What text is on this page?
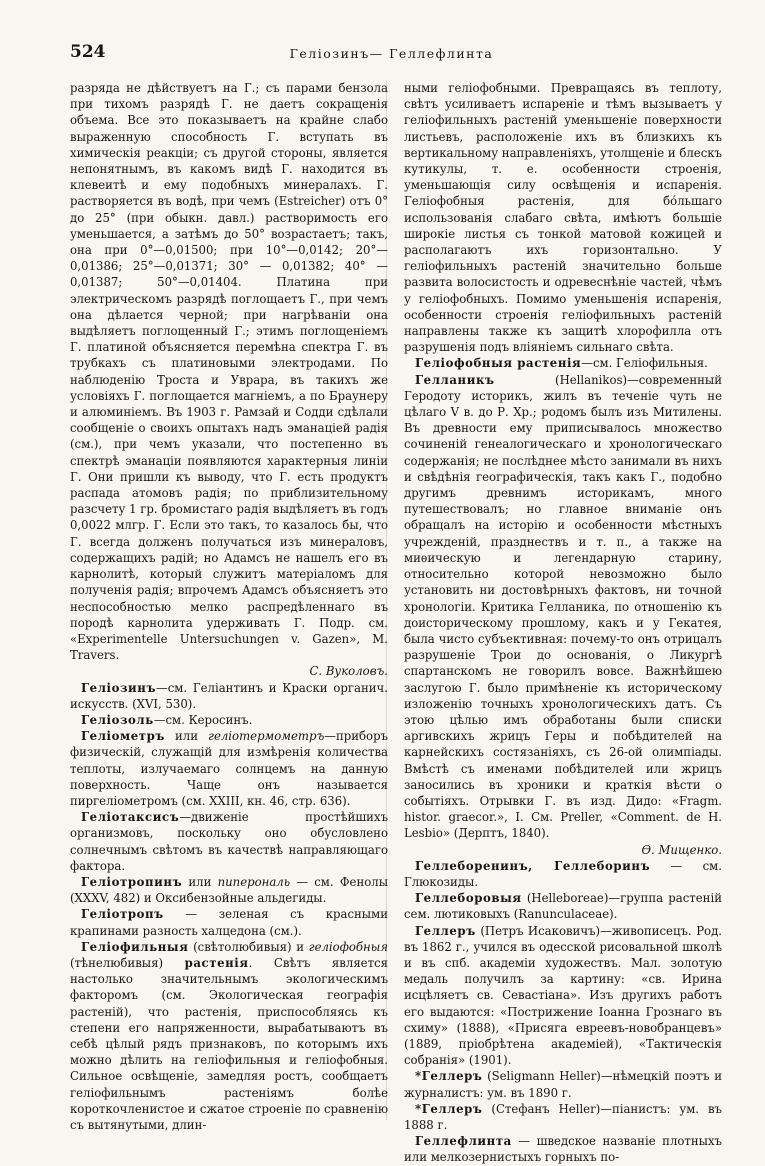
524	Гелiозинъ— Геллефлинта

разряда не дѣйствуетъ на Г.; съ парами бензола при тихомъ разрядѣ Г. не даетъ сокращенія объема. Все это показываетъ на крайне слабо выраженную способность Г. вступать въ химическія реакціи; съ другой стороны, является непонятнымъ, въ какомъ видѣ Г. находится въ клевеитѣ и ему подобныхъ минералахъ. Г. растворяется въ водѣ, при чемъ (Estreicher) отъ 0° до 25° (при обыкн. давл.) растворимость его уменьшается, а затѣмъ до 50° возрастаетъ; такъ, она при 0°—0,01500; при 10°—0,0142; 20°—0,01386; 25°—0,01371; 30° — 0,01382; 40° — 0,01387; 50°—0,01404. Платина при электрическомъ разрядѣ поглощаетъ Г., при чемъ она дѣлается черной; при нагрѣваніи она выдѣляетъ поглощенный Г.; этимъ поглощеніемъ Г. платиной объясняется перемѣна спектра Г. въ трубкахъ съ платиновыми электродами. По наблюденію Троста и Уврара, въ такихъ же условіяхъ Г. поглощается магніемъ, а по Браунеру и алюминіемъ. Въ 1903 г. Рамзай и Содди сдѣлали сообщеніе о своихъ опытахъ надъ эманаціей радія (см.), при чемъ указали, что постепенно въ спектрѣ эманаціи появляются характерныя линіи Г. Они пришли къ выводу, что Г. есть продуктъ распада атомовъ радія; по приблизительному разсчету 1 гр. бромистаго радія выдѣляетъ въ годъ 0,0022 млгр. Г. Если это такъ, то казалось бы, что Г. всегда долженъ получаться изъ минераловъ, содержащихъ радій; но Адамсъ не нашелъ его въ карнолитѣ, который служитъ матеріаломъ для полученія радія; впрочемъ Адамсъ объясняетъ это неспособностью мелко распредѣленнаго въ породѣ карнолита удерживать Г. Подр. см. «Experimentelle Untersuchungen v. Gazen», M. Travers.
С. Вуколовъ.

Гелiозинъ—см. Геліантинъ и Краски органич. искусств. (XVI, 530).

Гелiозоль—см. Керосинъ.

Гелiометръ или геліотермометръ—приборъ физическій, служащій для измѣренія количества теплоты, излучаемаго солнцемъ на данную поверхность. Чаще онъ называется пиргеліометромъ (см. XXIII, кн. 46, стр. 636).

Гелiотаксисъ—движеніе простѣйшихъ организмовъ, поскольку оно обусловлено солнечнымъ свѣтомъ въ качествѣ направляющаго фактора.

Гелiотропинъ или пиперональ — см. Фенолы (XXXV, 482) и Оксибензойные альдегиды.

Гелiотропъ — зеленая съ красными крапинами разность халцедона (см.).

Гелiофильныя (свѣтолюбивыя) и геліофобныя (тѣнелюбивыя) растенiя. Свѣтъ является настолько значительнымъ экологическимъ факторомъ (см. Экологическая географія растеній), что растенія, приспособляясь къ степени его напряженности, вырабатываютъ въ себѣ цѣлый рядъ признаковъ, по которымъ ихъ можно дѣлить на геліофильныя и геліофобныя. Сильное освѣщеніе, замедляя ростъ, сообщаетъ геліофильнымъ растеніямъ болѣе короткочленистое и сжатое строеніе по сравненію съ вытянутыми, длин-

ными геліофобными. Превращаясь въ теплоту, свѣтъ усиливаетъ испареніе и тѣмъ вызываетъ у геліофильныхъ растеній уменьшеніе поверхности листьевъ, расположеніе ихъ въ близкихъ къ вертикальному направленіяхъ, утолщеніе и блескъ кутикулы, т. е. особенности строенія, уменьшающія силу освѣщенія и испаренія. Геліофобныя растенія, для бо́льшаго использованія слабаго свѣта, имѣютъ большіе широкіе листья съ тонкой матовой кожицей и располагаютъ ихъ горизонтально. У геліофильныхъ растеній значительно больше развита волосистость и одревеснѣніе частей, чѣмъ у геліофобныхъ. Помимо уменьшенія испаренія, особенности строенія геліофильныхъ растеній направлены также къ защитѣ хлорофилла отъ разрушенія подъ вліяніемъ сильнаго свѣта.

Гелiофобныя растенiя—см. Геліофильныя.

Гелланикъ (Hellanikos)—современный Геродоту историкъ, жилъ въ теченіе чуть не цѣлаго V в. до Р. Хр.; родомъ былъ изъ Митилены. Въ древности ему приписывалось множество сочиненій генеалогическаго и хронологическаго содержанія; не послѣднее мѣсто занимали въ нихъ и свѣдѣнія географическія, такъ какъ Г., подобно другимъ древнимъ историкамъ, много путешествовалъ; но главное вниманіе онъ обращалъ на исторію и особенности мѣстныхъ учрежденій, празднествъ и т. п., а также на миѳическую и легендарную старину, относительно которой невозможно было установить ни достовѣрныхъ фактовъ, ни точной хронологіи. Критика Гелланика, по отношенію къ доисторическому прошлому, какъ и у Гекатея, была чисто субъективная: почему-то онъ отрицалъ разрушеніе Трои до основанія, о Ликургѣ спартанскомъ не говорилъ вовсе. Важнѣйшею заслугою Г. было примѣненіе къ историческому изложенію точныхъ хронологическихъ датъ. Съ этою цѣлью имъ обработаны были списки аргивскихъ жрицъ Геры и побѣдителей на карнейскихъ состязаніяхъ, съ 26-ой олимпіады. Вмѣстѣ съ именами побѣдителей или жрицъ заносились въ хроники и краткія вѣсти о событіяхъ. Отрывки Г. въ изд. Дидо: «Fragm. histor. graecor.», I. См. Preller, «Comment. de H. Lesbio» (Дерптъ, 1840).
Ѳ. Мищенко.

Геллеборенинъ, Геллеборинъ — см. Глюкозиды.

Геллеборовыя (Helleboreae)—группа растеній сем. лютиковыхъ (Ranunculaceae).

Геллеръ (Петръ Исаковичъ)—живописецъ. Род. въ 1862 г., учился въ одесской рисовальной школѣ и въ спб. академіи художествъ. Мал. золотую медаль получилъ за картину: «св. Ирина исцѣляетъ св. Севастіана». Изъ другихъ работъ его выдаются: «Пострижение Іоанна Грознаго въ схиму» (1888), «Присяга евреевъ-новобранцевъ» (1889, пріобрѣтена академіей), «Тактическія собранія» (1901).

*Геллеръ (Seligmann Heller)—нѣмецкій поэтъ и журналистъ: ум. въ 1890 г.

*Геллеръ (Стефанъ Heller)—піанистъ: ум. въ 1888 г.

Геллефлинта — шведское названіе плотныхъ или мелкозернистыхъ горныхъ по-
